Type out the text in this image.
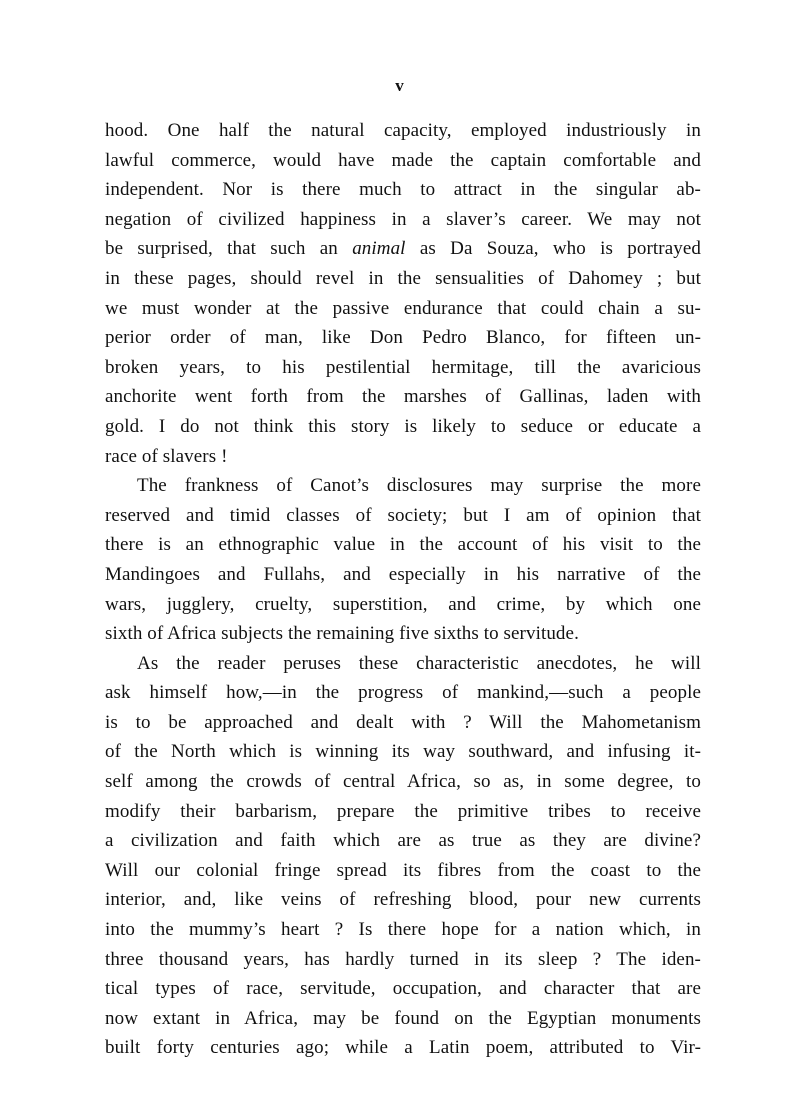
v
hood. One half the natural capacity, employed industriously in
lawful commerce, would have made the captain comfortable and
independent. Nor is there much to attract in the singular ab-
negation of civilized happiness in a slaver’s career. We may not
be surprised, that such an animal as Da Souza, who is portrayed
in these pages, should revel in the sensualities of Dahomey ; but
we must wonder at the passive endurance that could chain a su-
perior order of man, like Don Pedro Blanco, for fifteen un-
broken years, to his pestilential hermitage, till the avaricious
anchorite went forth from the marshes of Gallinas, laden with
gold. I do not think this story is likely to seduce or educate a
race of slavers !
The frankness of Canot’s disclosures may surprise the more
reserved and timid classes of society; but I am of opinion that
there is an ethnographic value in the account of his visit to the
Mandingoes and Fullahs, and especially in his narrative of the
wars, jugglery, cruelty, superstition, and crime, by which one
sixth of Africa subjects the remaining five sixths to servitude.
As the reader peruses these characteristic anecdotes, he will
ask himself how,—in the progress of mankind,—such a people
is to be approached and dealt with ? Will the Mahometanism
of the North which is winning its way southward, and infusing it-
self among the crowds of central Africa, so as, in some degree, to
modify their barbarism, prepare the primitive tribes to receive
a civilization and faith which are as true as they are divine?
Will our colonial fringe spread its fibres from the coast to the
interior, and, like veins of refreshing blood, pour new currents
into the mummy’s heart ? Is there hope for a nation which, in
three thousand years, has hardly turned in its sleep ? The iden-
tical types of race, servitude, occupation, and character that are
now extant in Africa, may be found on the Egyptian monuments
built forty centuries ago; while a Latin poem, attributed to Vir-
